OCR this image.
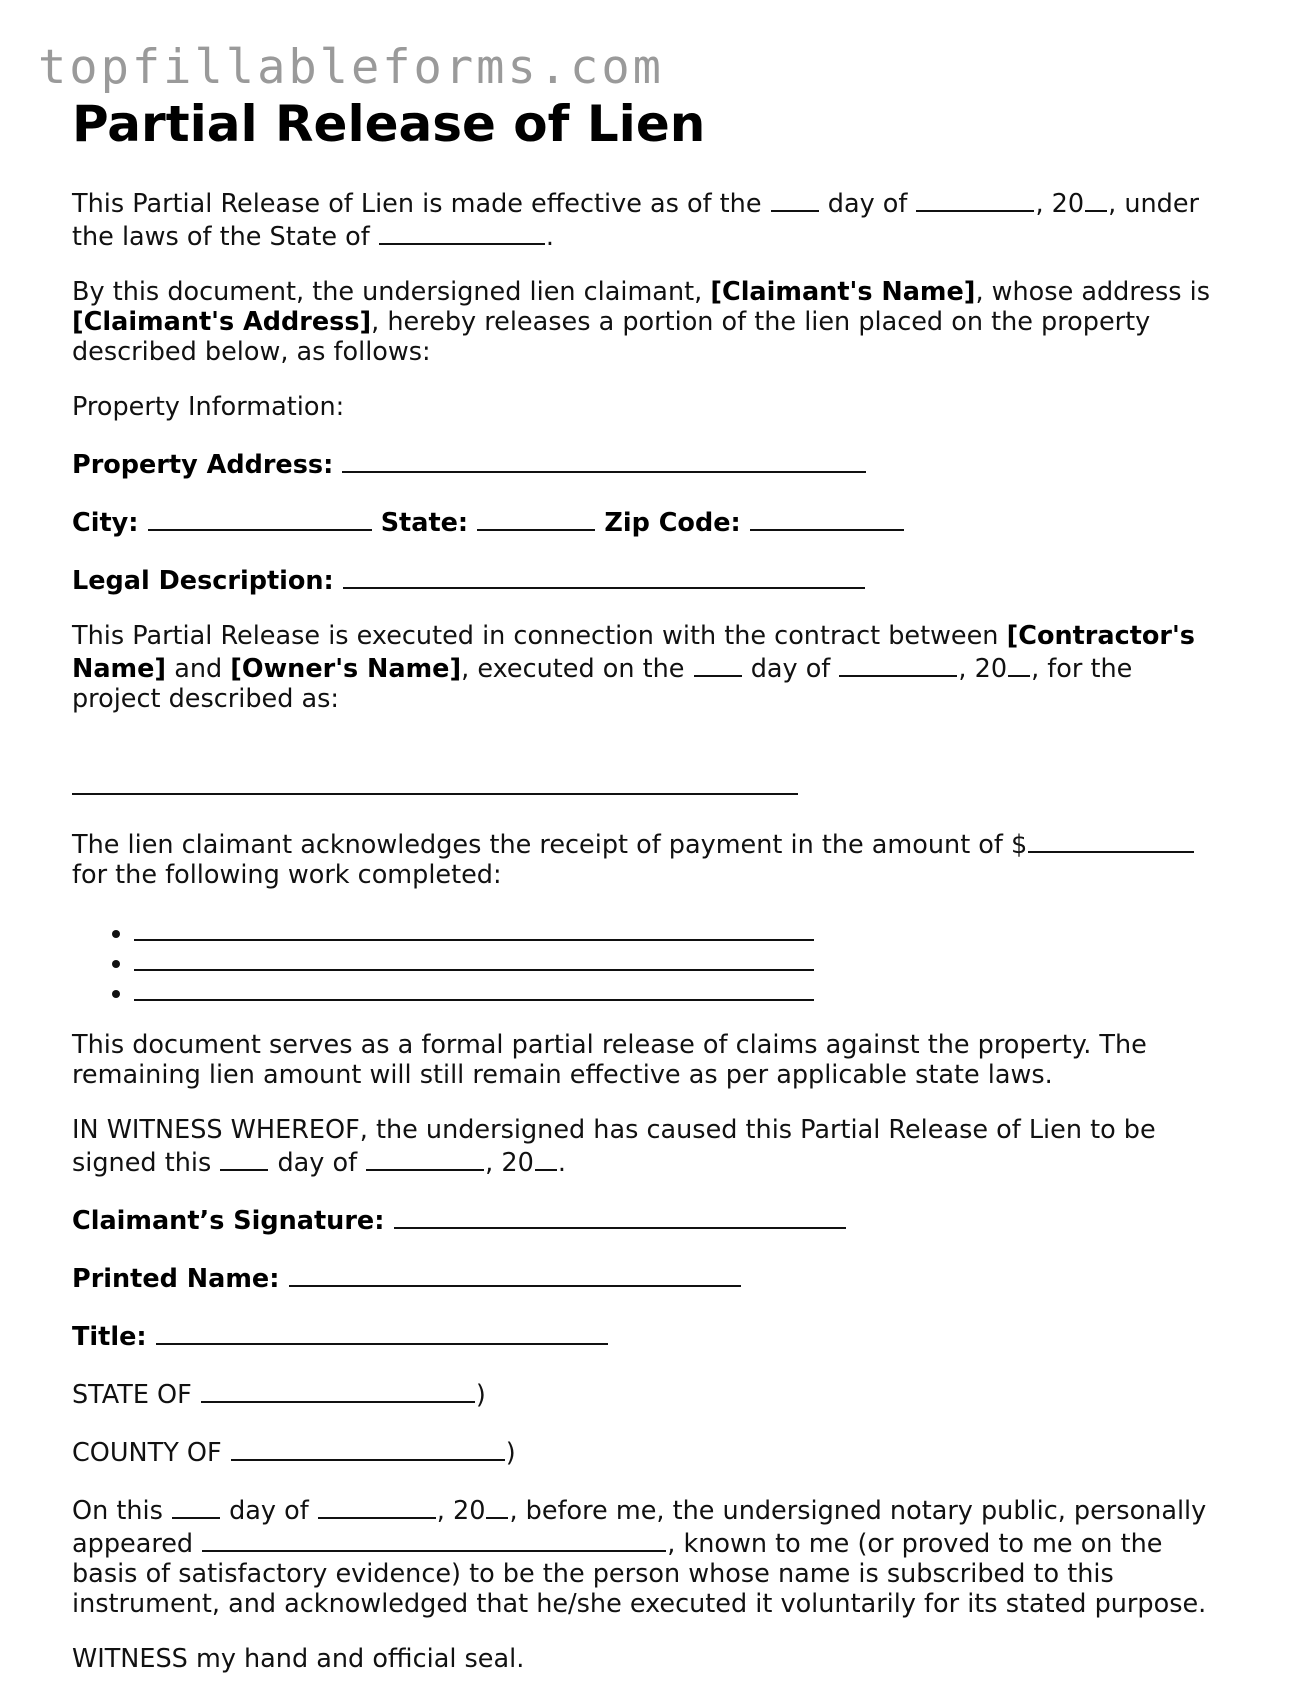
topfillableforms.com
Partial Release of Lien

This Partial Release of Lien is made effective as of the	day of	, 20 , under the laws of the State of	.

By this document, the undersigned lien claimant, [Claimant's Name], whose address is [Claimant's Address], hereby releases a portion of the lien placed on the property described below, as follows:

Property Information:

Property Address:

City:	State:	Zip Code:

Legal Description:

This Partial Release is executed in connection with the contract between [Contractor's Name] and [Owner's Name], executed on the	day of	, 20 , for the project described as:

The lien claimant acknowledges the receipt of payment in the amount of $ for the following work completed:

•
•
•

This document serves as a formal partial release of claims against the property. The remaining lien amount will still remain effective as per applicable state laws.

IN WITNESS WHEREOF, the undersigned has caused this Partial Release of Lien to be signed this	day of	, 20 .

Claimant’s Signature:

Printed Name:

Title:

STATE OF	)

COUNTY OF	)

On this	day of	, 20 , before me, the undersigned notary public, personally appeared	, known to me (or proved to me on the basis of satisfactory evidence) to be the person whose name is subscribed to this instrument, and acknowledged that he/she executed it voluntarily for its stated purpose.

WITNESS my hand and official seal.
